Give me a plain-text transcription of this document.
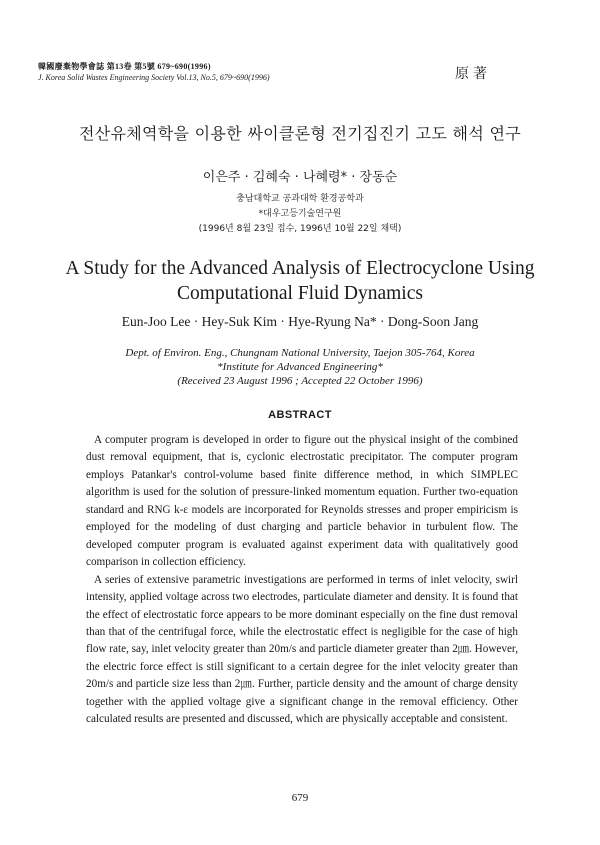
韓國廢棄物學會誌 第13卷 第5號 679~690(1996)
J. Korea Solid Wastes Engineering Society Vol.13, No.5, 679~690(1996)	原著
전산유체역학을 이용한 싸이클론형 전기집진기 고도 해석 연구
이은주 · 김혜숙 · 나혜령* · 장동순
충남대학교 공과대학 환경공학과
*대우고등기술연구원
(1996년 8월 23일 접수, 1996년 10월 22일 채택)
A Study for the Advanced Analysis of Electrocyclone Using
Computational Fluid Dynamics
Eun-Joo Lee · Hey-Suk Kim · Hye-Ryung Na* · Dong-Soon Jang
Dept. of Environ. Eng., Chungnam National University, Taejon 305-764, Korea
*Institute for Advanced Engineering*
(Received 23 August 1996 ; Accepted 22 October 1996)
ABSTRACT

A computer program is developed in order to figure out the physical insight of the combined dust removal equipment, that is, cyclonic electrostatic precipitator. The computer program employs Patankar's control-volume based finite difference method, in which SIMPLEC algorithm is used for the solution of pressure-linked momentum equation. Further two-equation standard and RNG k-ε models are incorporated for Reynolds stresses and proper empiricism is employed for the modeling of dust charging and particle behavior in turbulent flow. The developed computer program is evaluated against experiment data with qualitatively good comparison in collection efficiency.

A series of extensive parametric investigations are performed in terms of inlet velocity, swirl intensity, applied voltage across two electrodes, particulate diameter and density. It is found that the effect of electrostatic force appears to be more dominant especially on the fine dust removal than that of the centrifugal force, while the electrostatic effect is negligible for the case of high flow rate, say, inlet velocity greater than 20m/s and particle diameter greater than 2㎛. However, the electric force effect is still significant to a certain degree for the inlet velocity greater than 20m/s and particle size less than 2㎛. Further, particle density and the amount of charge density together with the applied voltage give a significant change in the removal efficiency. Other calculated results are presented and discussed, which are physically acceptable and consistent.

679
